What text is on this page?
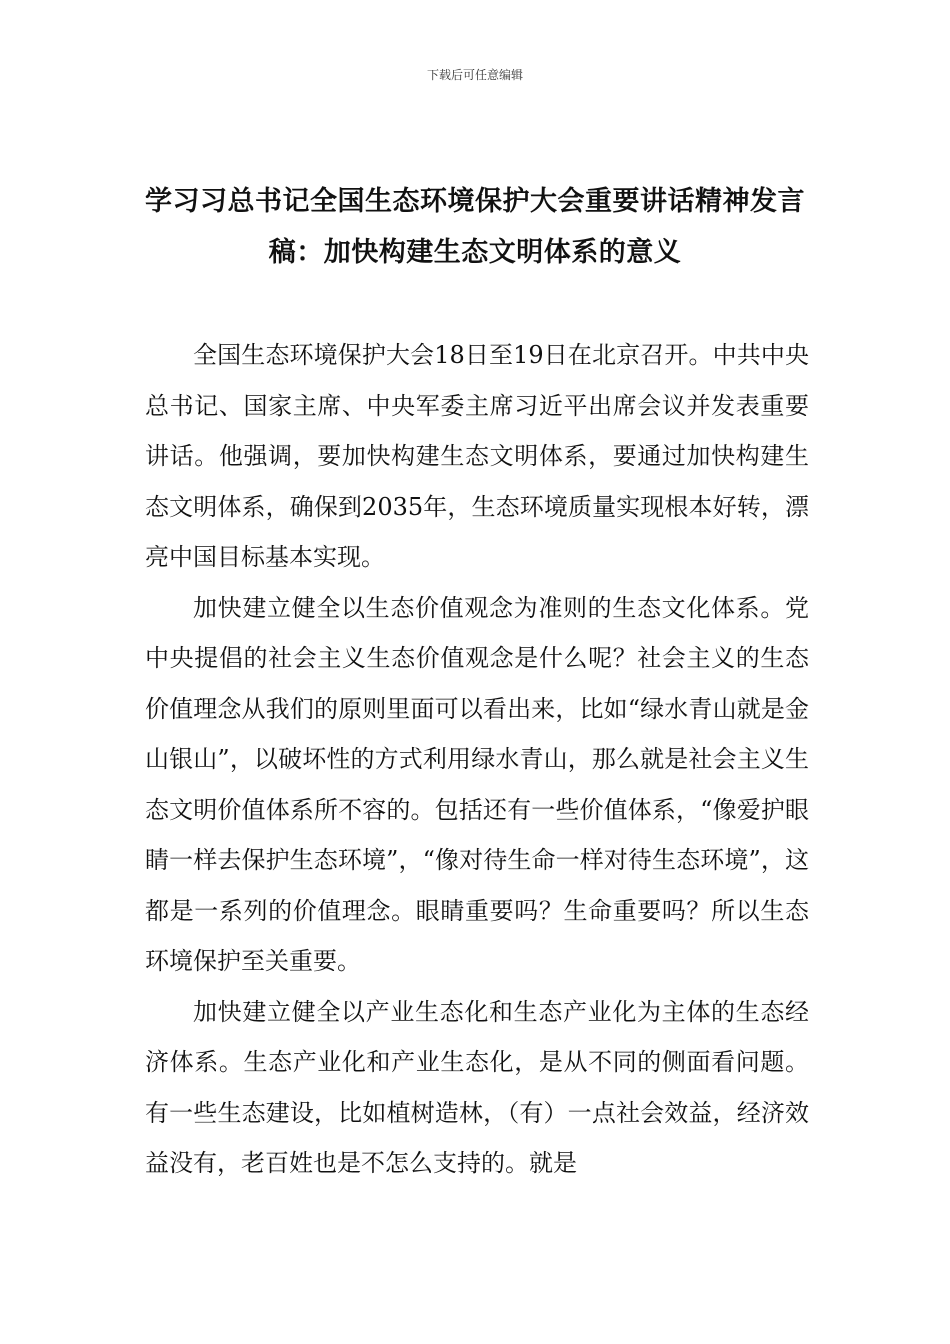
下载后可任意编辑
学习习总书记全国生态环境保护大会重要讲话精神发言稿：加快构建生态文明体系的意义

全国生态环境保护大会18日至19日在北京召开。中共中央总书记、国家主席、中央军委主席习近平出席会议并发表重要讲话。他强调，要加快构建生态文明体系，要通过加快构建生态文明体系，确保到2035年，生态环境质量实现根本好转，漂亮中国目标基本实现。

加快建立健全以生态价值观念为准则的生态文化体系。党中央提倡的社会主义生态价值观念是什么呢？社会主义的生态价值理念从我们的原则里面可以看出来，比如“绿水青山就是金山银山”，以破坏性的方式利用绿水青山，那么就是社会主义生态文明价值体系所不容的。包括还有一些价值体系，“像爱护眼睛一样去保护生态环境”，“像对待生命一样对待生态环境”，这都是一系列的价值理念。眼睛重要吗？生命重要吗？所以生态环境保护至关重要。

加快建立健全以产业生态化和生态产业化为主体的生态经济体系。生态产业化和产业生态化，是从不同的侧面看问题。有一些生态建设，比如植树造林，（有）一点社会效益，经济效益没有，老百姓也是不怎么支持的。就是
